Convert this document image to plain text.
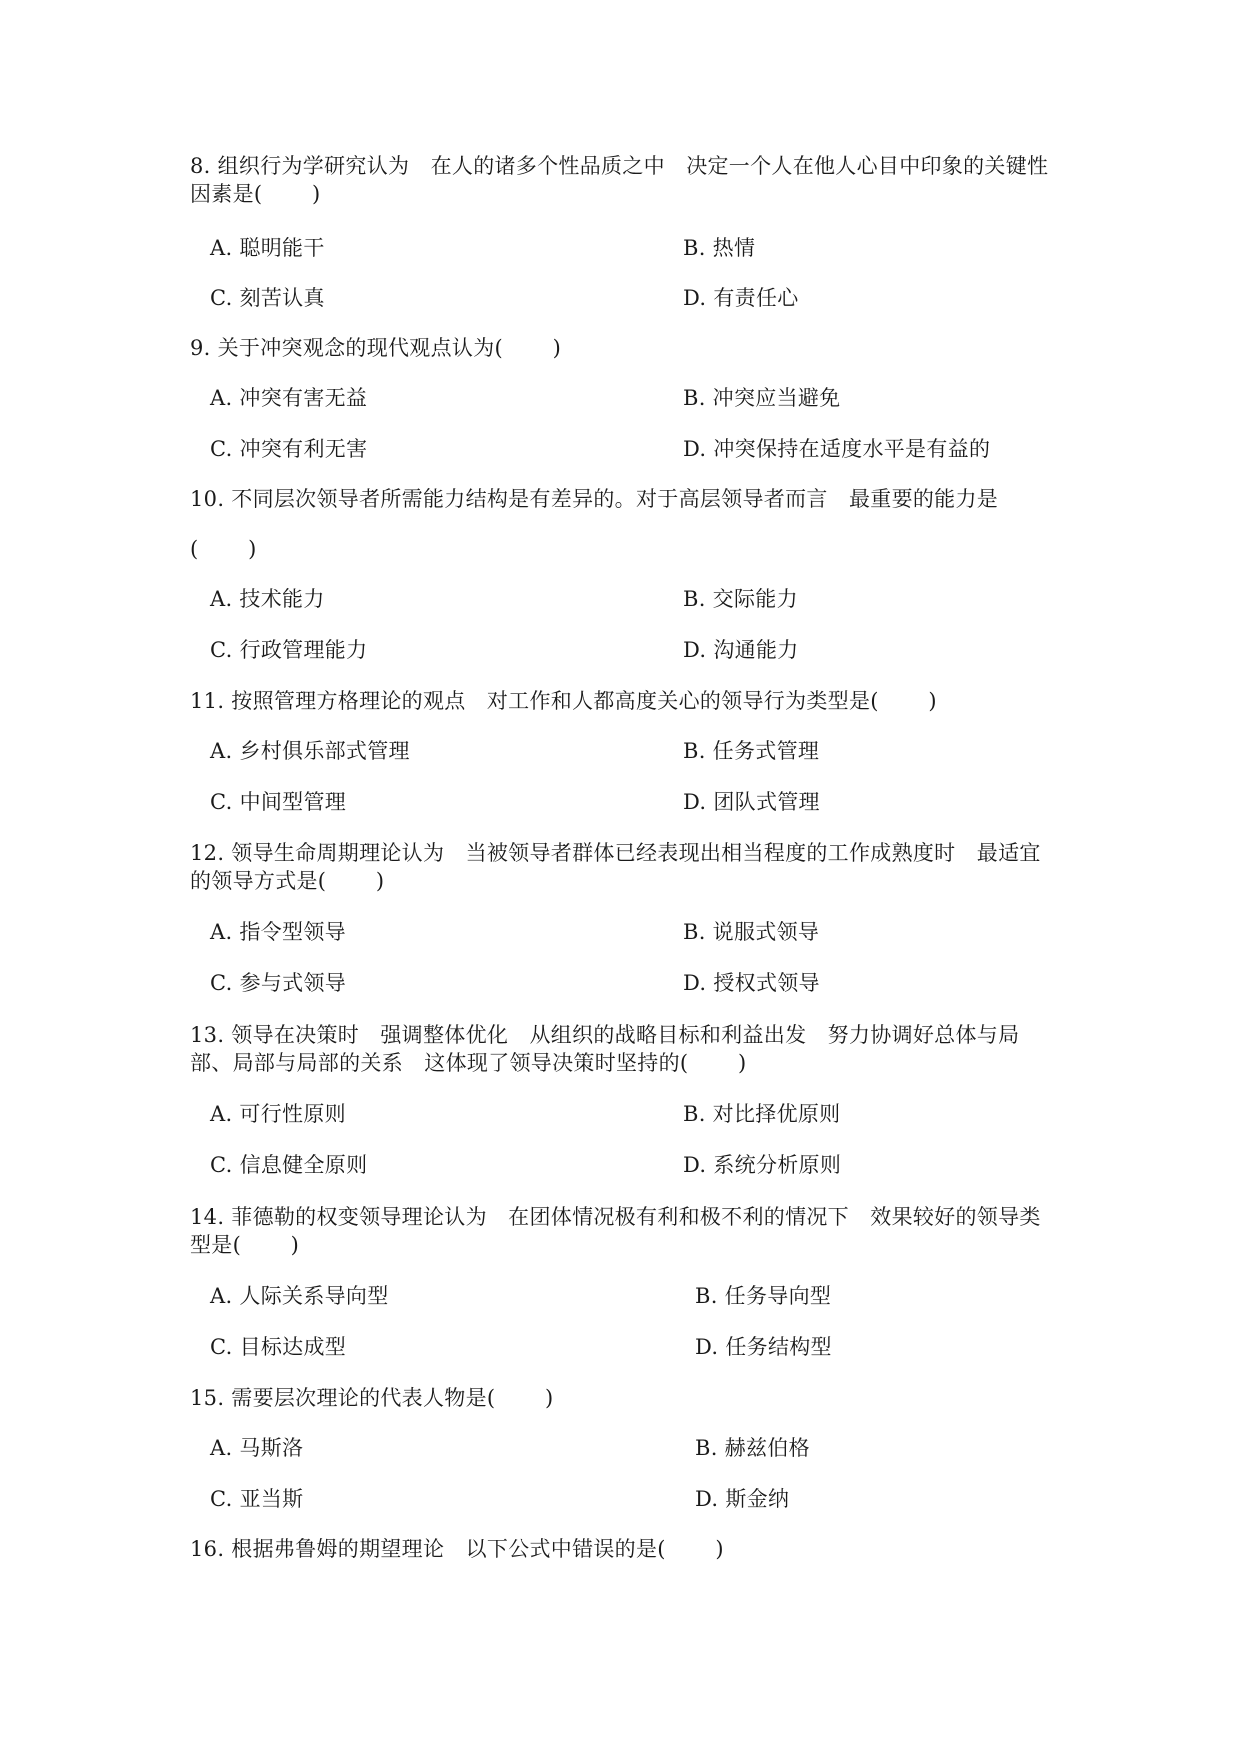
8. 组织行为学研究认为　在人的诸多个性品质之中　决定一个人在他人心目中印象的关键性因素是(　　 )
A. 聪明能干	B. 热情
C. 刻苦认真	D. 有责任心
9. 关于冲突观念的现代观点认为(　　 )
A. 冲突有害无益	B. 冲突应当避免
C. 冲突有利无害	D. 冲突保持在适度水平是有益的
10. 不同层次领导者所需能力结构是有差异的。对于高层领导者而言　最重要的能力是
(　　 )
A. 技术能力	B. 交际能力
C. 行政管理能力	D. 沟通能力
11. 按照管理方格理论的观点　对工作和人都高度关心的领导行为类型是(　　 )
A. 乡村俱乐部式管理	B. 任务式管理
C. 中间型管理	D. 团队式管理
12. 领导生命周期理论认为　当被领导者群体已经表现出相当程度的工作成熟度时　最适宜的领导方式是(　　 )
A. 指令型领导	B. 说服式领导
C. 参与式领导	D. 授权式领导
13. 领导在决策时　强调整体优化　从组织的战略目标和利益出发　努力协调好总体与局部、局部与局部的关系　这体现了领导决策时坚持的(　　 )
A. 可行性原则	B. 对比择优原则
C. 信息健全原则	D. 系统分析原则
14. 菲德勒的权变领导理论认为　在团体情况极有利和极不利的情况下　效果较好的领导类型是(　　 )
A. 人际关系导向型	B. 任务导向型
C. 目标达成型	D. 任务结构型
15. 需要层次理论的代表人物是(　　 )
A. 马斯洛	B. 赫兹伯格
C. 亚当斯	D. 斯金纳
16. 根据弗鲁姆的期望理论　以下公式中错误的是(　　 )
